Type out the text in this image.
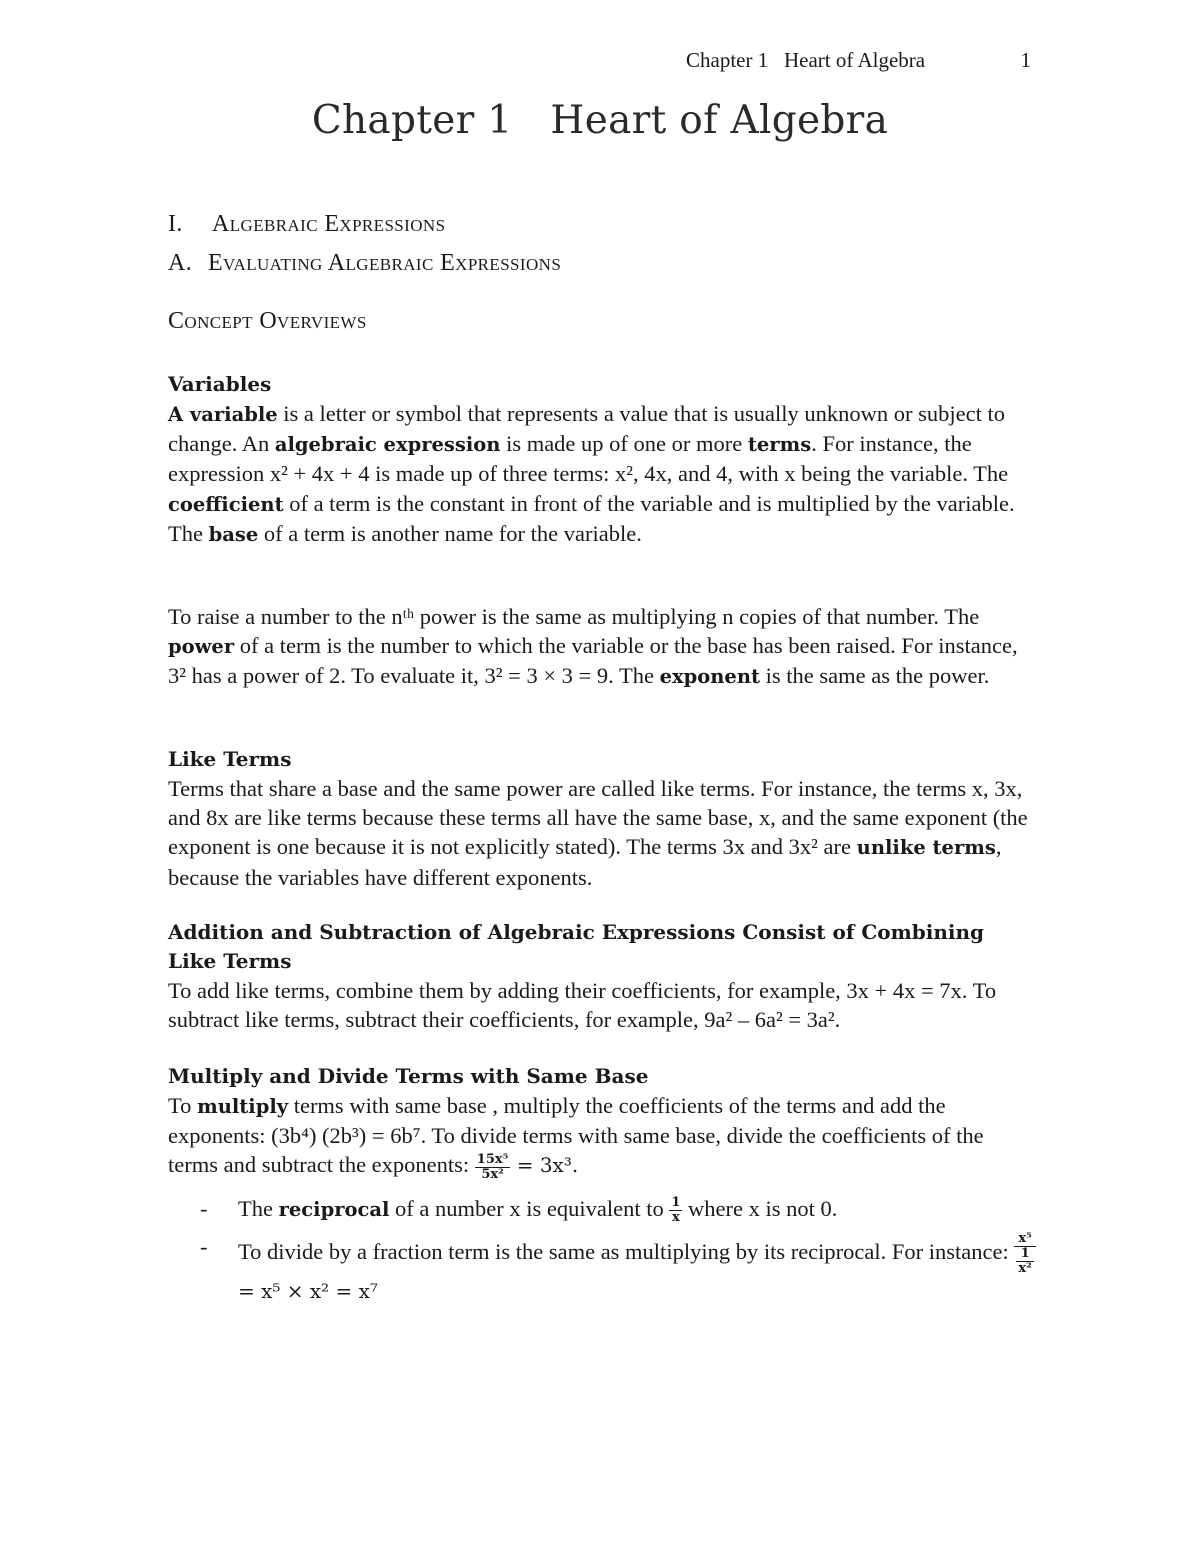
Chapter 1   Heart of Algebra	1
Chapter 1   Heart of Algebra
I. Algebraic Expressions
A. Evaluating Algebraic Expressions
Concept Overviews
Variables

A variable is a letter or symbol that represents a value that is usually unknown or subject to change. An algebraic expression is made up of one or more terms. For instance, the expression x² + 4x + 4 is made up of three terms: x², 4x, and 4, with x being the variable. The coefficient of a term is the constant in front of the variable and is multiplied by the variable. The base of a term is another name for the variable.

To raise a number to the nᵗʰ power is the same as multiplying n copies of that number. The power of a term is the number to which the variable or the base has been raised. For instance, 3² has a power of 2. To evaluate it, 3² = 3 × 3 = 9. The exponent is the same as the power.

Like Terms

Terms that share a base and the same power are called like terms. For instance, the terms x, 3x, and 8x are like terms because these terms all have the same base, x, and the same exponent (the exponent is one because it is not explicitly stated). The terms 3x and 3x² are unlike terms, because the variables have different exponents.

Addition and Subtraction of Algebraic Expressions Consist of Combining Like Terms

To add like terms, combine them by adding their coefficients, for example, 3x + 4x = 7x. To subtract like terms, subtract their coefficients, for example, 9a² – 6a² = 3a².

Multiply and Divide Terms with Same Base

To multiply terms with same base , multiply the coefficients of the terms and add the exponents: (3b⁴) (2b³) = 6b⁷. To divide terms with same base, divide the coefficients of the terms and subtract the exponents: $\frac{\text{15x⁵}}{\text{5x²}} = 3x^3$.

- The reciprocal of a number x is equivalent to $\frac{1}{x}$ where x is not 0.
- To divide by a fraction term is the same as multiplying by its reciprocal. For instance: $\frac{\text{x⁵}}{\frac{1}{\text{x²}}}$
= x⁵ × x² = x⁷
